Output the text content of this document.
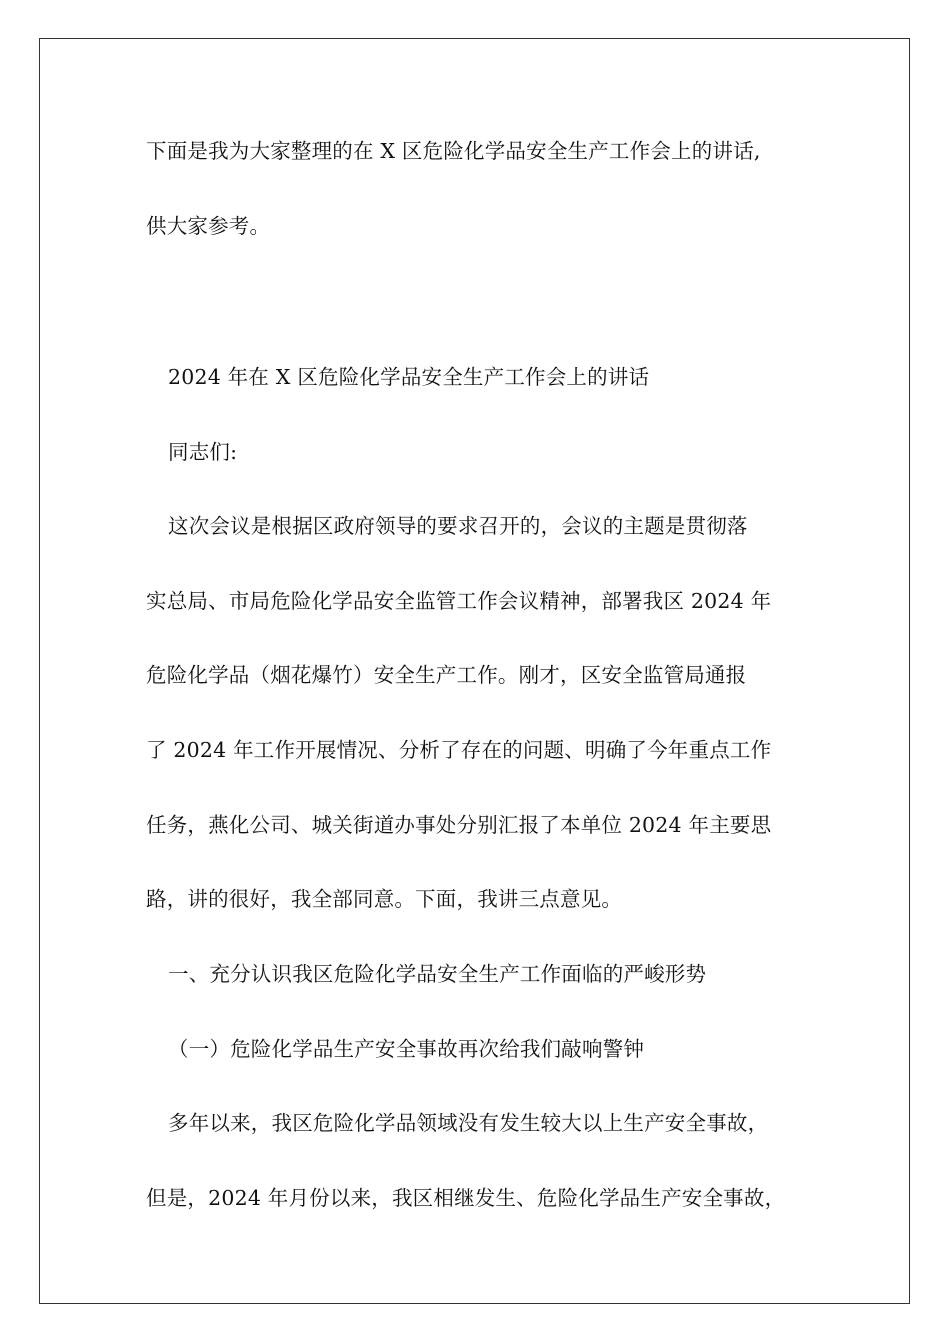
下面是我为大家整理的在 X 区危险化学品安全生产工作会上的讲话,
供大家参考。
2024 年在 X 区危险化学品安全生产工作会上的讲话
同志们:
这次会议是根据区政府领导的要求召开的，会议的主题是贯彻落
实总局、市局危险化学品安全监管工作会议精神，部署我区 2024 年
危险化学品（烟花爆竹）安全生产工作。刚才，区安全监管局通报
了 2024 年工作开展情况、分析了存在的问题、明确了今年重点工作
任务，燕化公司、城关街道办事处分别汇报了本单位 2024 年主要思
路，讲的很好，我全部同意。下面，我讲三点意见。
一、充分认识我区危险化学品安全生产工作面临的严峻形势
（一）危险化学品生产安全事故再次给我们敲响警钟
多年以来，我区危险化学品领域没有发生较大以上生产安全事故，
但是，2024 年月份以来，我区相继发生、危险化学品生产安全事故，
